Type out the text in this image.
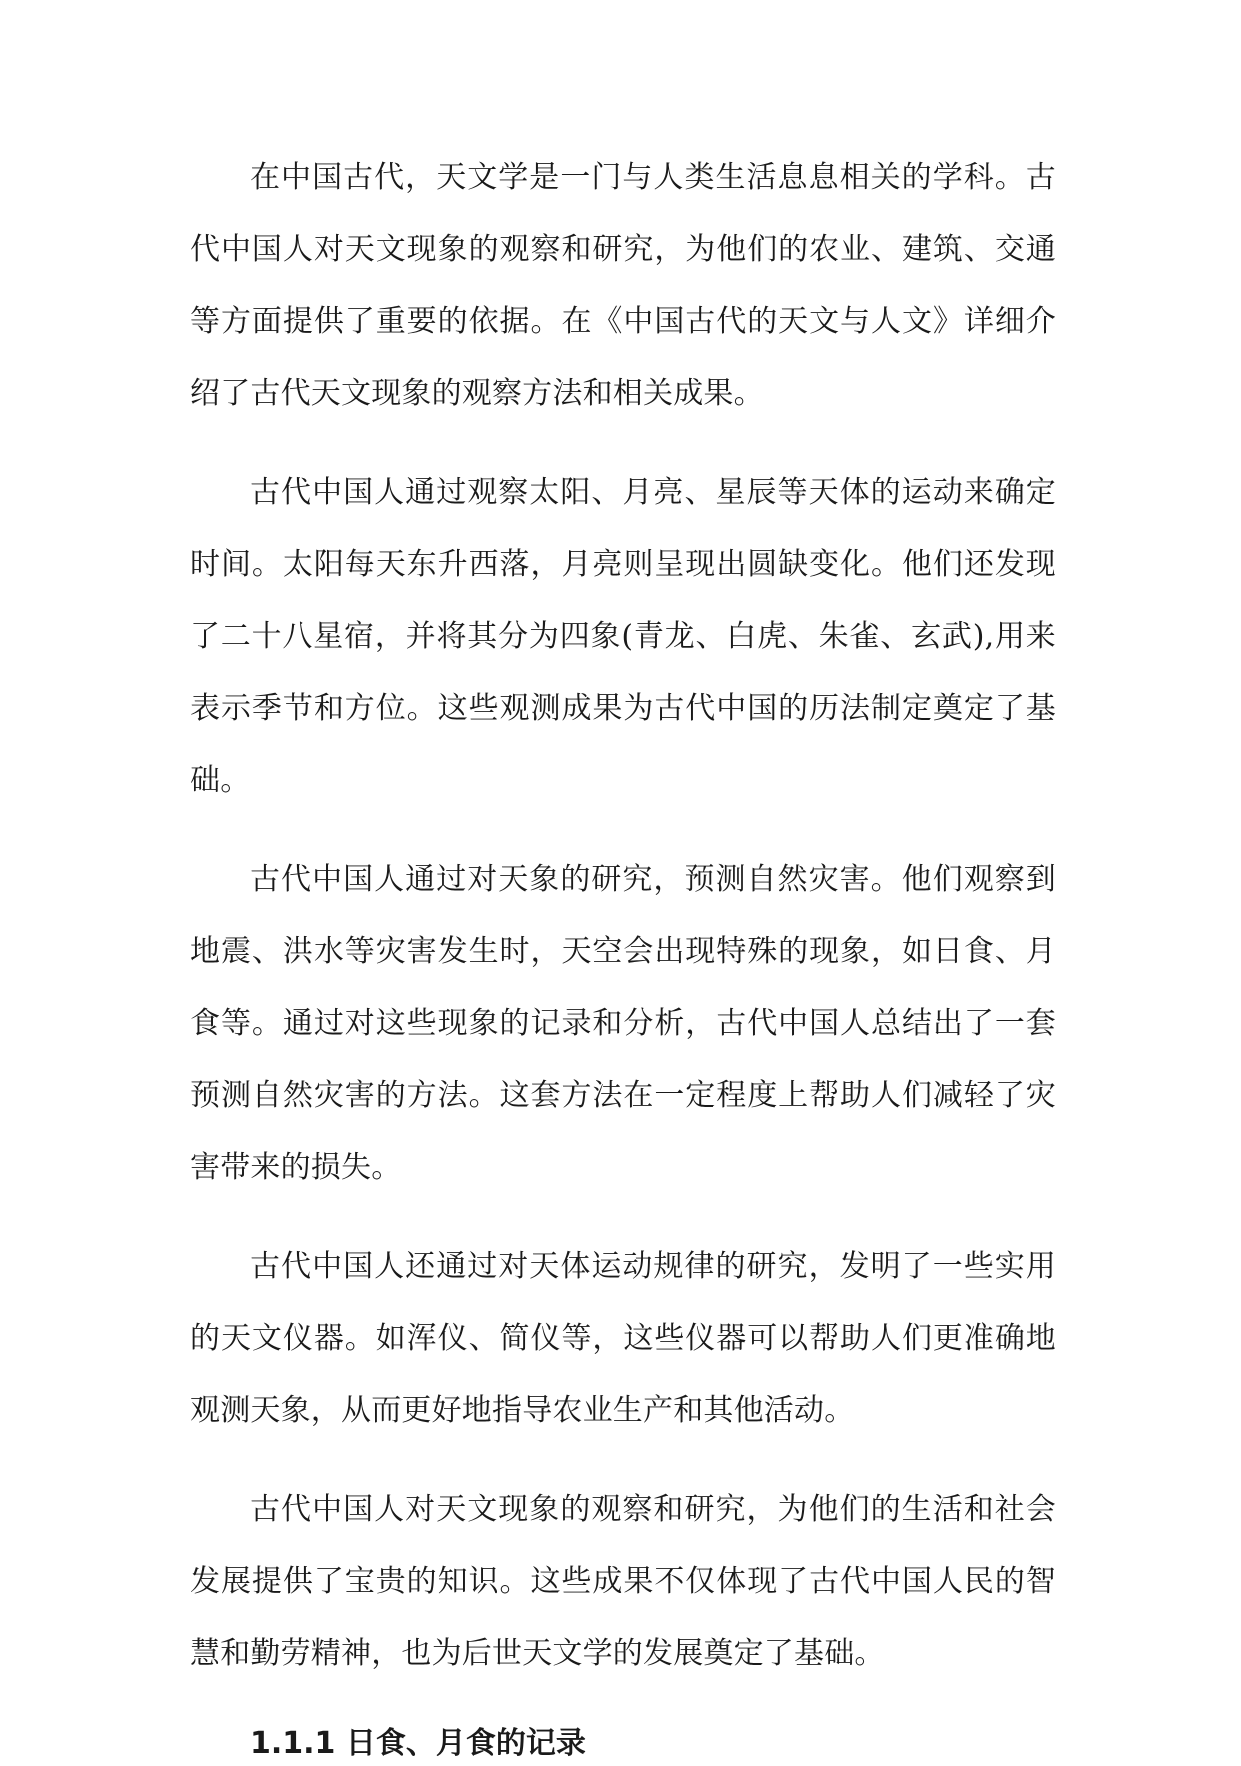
在中国古代，天文学是一门与人类生活息息相关的学科。古代中国人对天文现象的观察和研究，为他们的农业、建筑、交通等方面提供了重要的依据。在《中国古代的天文与人文》详细介绍了古代天文现象的观察方法和相关成果。

古代中国人通过观察太阳、月亮、星辰等天体的运动来确定时间。太阳每天东升西落，月亮则呈现出圆缺变化。他们还发现了二十八星宿，并将其分为四象(青龙、白虎、朱雀、玄武),用来表示季节和方位。这些观测成果为古代中国的历法制定奠定了基础。

古代中国人通过对天象的研究，预测自然灾害。他们观察到地震、洪水等灾害发生时，天空会出现特殊的现象，如日食、月食等。通过对这些现象的记录和分析，古代中国人总结出了一套预测自然灾害的方法。这套方法在一定程度上帮助人们减轻了灾害带来的损失。

古代中国人还通过对天体运动规律的研究，发明了一些实用的天文仪器。如浑仪、简仪等，这些仪器可以帮助人们更准确地观测天象，从而更好地指导农业生产和其他活动。

古代中国人对天文现象的观察和研究，为他们的生活和社会发展提供了宝贵的知识。这些成果不仅体现了古代中国人民的智慧和勤劳精神，也为后世天文学的发展奠定了基础。

1.1.1 日食、月食的记录
